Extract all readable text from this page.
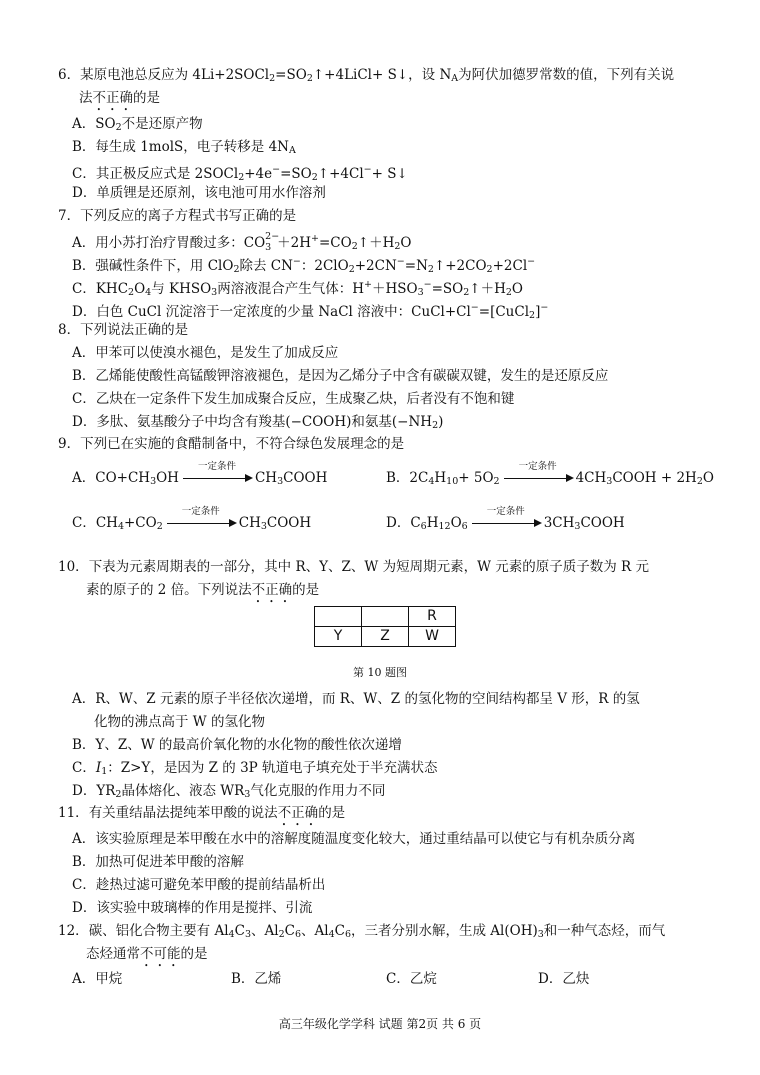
6．某原电池总反应为 $4Li+2SOCl_2=SO_2↑+4LiCl+$ S↓，设 $N_A$为阿伏加德罗常数的值，下列有关说
法不正确的是
A．$SO_2$不是还原产物
B．每生成 1molS，电子转移是 $4N_A$
C．其正极反应式是 $2SOCl_2+4e^-=SO_2↑+4Cl^-+$ S↓
D．单质锂是还原剂，该电池可用水作溶剂
7．下列反应的离子方程式书写正确的是
A．用小苏打治疗胃酸过多：CO 2−
$3 +2H^+=CO_2↑+H_2O$
B．强碱性条件下，用 ClO$_2$除去 CN−：$2ClO_2+2CN^-=N_2↑+2CO_2+2Cl^-$
C．$KHC_2O_4$与 $KHSO_3$两溶液混合产生气体：$H^++HSO_3^-=SO_2↑+H_2O$
D．白色 CuCl 沉淀溶于一定浓度的少量 NaCl 溶液中：CuCl+Cl−=[CuCl$_2$]−
8．下列说法正确的是
A．甲苯可以使溴水褪色，是发生了加成反应
B．乙烯能使酸性高锰酸钾溶液褪色，是因为乙烯分子中含有碳碳双键，发生的是还原反应
C．乙炔在一定条件下发生加成聚合反应，生成聚乙炔，后者没有不饱和键
D．多肽、氨基酸分子中均含有羧基(−COOH)和氨基$(-NH_2)$
9．下列已在实施的食醋制备中，不符合绿色发展理念的是
A．$CO+CH_3OH$
一定条件
$CH_3COOH$	B．$2C_4H_{10}+ 5O_2$
一定条件
$4CH_3COOH + 2H_2O$
C．$CH_4+CO_2$
一定条件
$CH_3COOH$	D．$C_6H_{12}O_6$
一定条件
$3CH_3COOH$
10．下表为元素周期表的一部分，其中 R、Y、Z、W 为短周期元素，W 元素的原子质子数为 R 元
素的原子的 2 倍。下列说法不正确的是
		R
Y	Z	W
第 10 题图
A．R、W、Z 元素的原子半径依次递增，而 R、W、Z 的氢化物的空间结构都呈 V 形，R 的氢
化物的沸点高于 W 的氢化物
B．Y、Z、W 的最高价氧化物的水化物的酸性依次递增
C．$I_1$：Z>Y，是因为 Z 的 3P 轨道电子填充处于半充满状态
D．$YR_2$晶体熔化、液态 $WR_3$气化克服的作用力不同
11．有关重结晶法提纯苯甲酸的说法不正确的是
A．该实验原理是苯甲酸在水中的溶解度随温度变化较大，通过重结晶可以使它与有机杂质分离
B．加热可促进苯甲酸的溶解
C．趁热过滤可避免苯甲酸的提前结晶析出
D．该实验中玻璃棒的作用是搅拌、引流
12．碳、铝化合物主要有 $Al_4C_3$、$Al_2C_6$、$Al_4C_6$，三者分别水解，生成 $Al(OH)_3$和一种气态烃，而气
态烃通常不可能的是
A．甲烷	B．乙烯	C．乙烷	D．乙炔
高三年级化学学科 试题 第2页 共 6 页
